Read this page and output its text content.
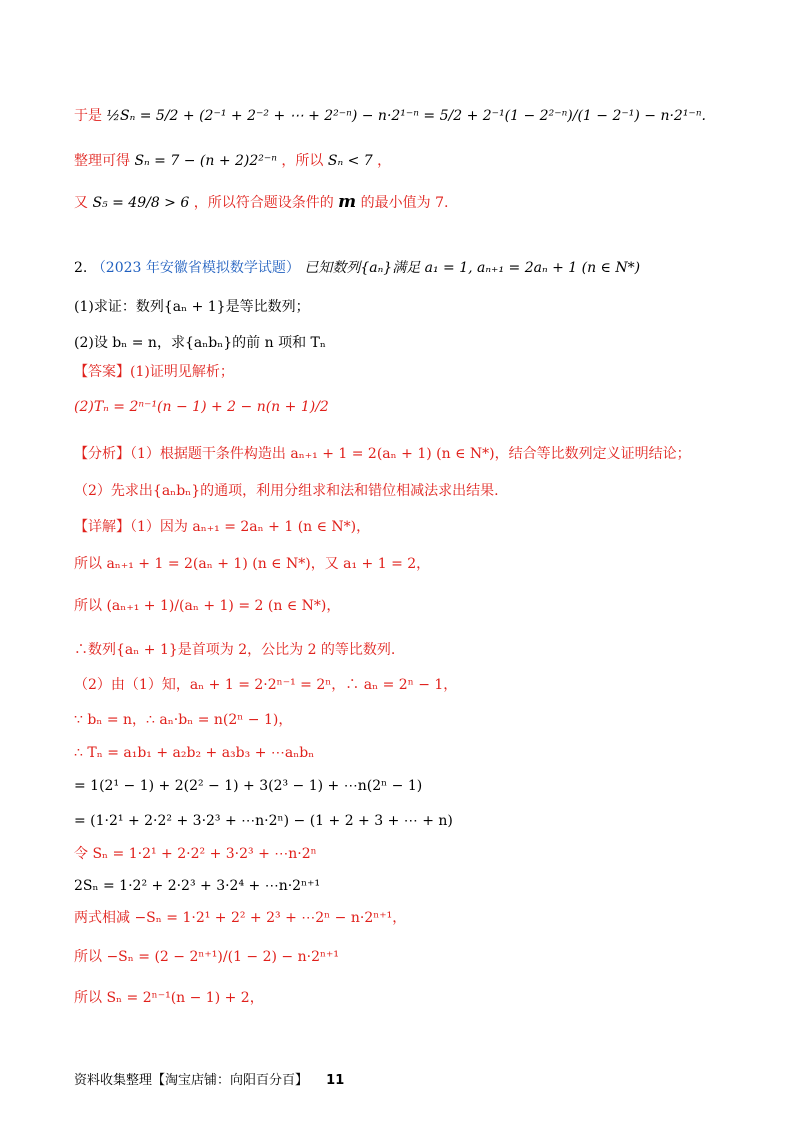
于是 ½Sₙ = 5/2 + (2⁻¹ + 2⁻² + ⋯ + 2²⁻ⁿ) − n·2¹⁻ⁿ = 5/2 + 2⁻¹(1 − 2²⁻ⁿ)/(1 − 2⁻¹) − n·2¹⁻ⁿ.
整理可得 Sₙ = 7 − (n + 2)2²⁻ⁿ ，所以 Sₙ < 7 ，
又 S₅ = 49/8 > 6 ，所以符合题设条件的 m 的最小值为 7.
2. （2023 年安徽省模拟数学试题） 已知数列{aₙ}满足 a₁ = 1, aₙ₊₁ = 2aₙ + 1 (n ∈ N*)
(1)求证：数列{aₙ + 1}是等比数列；
(2)设 bₙ = n，求{aₙbₙ}的前 n 项和 Tₙ
【答案】(1)证明见解析；
(2)Tₙ = 2ⁿ⁻¹(n − 1) + 2 − n(n + 1)/2
【分析】（1）根据题干条件构造出 aₙ₊₁ + 1 = 2(aₙ + 1) (n ∈ N*)，结合等比数列定义证明结论；
（2）先求出{aₙbₙ}的通项，利用分组求和法和错位相减法求出结果.
【详解】（1）因为 aₙ₊₁ = 2aₙ + 1 (n ∈ N*)，
所以 aₙ₊₁ + 1 = 2(aₙ + 1) (n ∈ N*)，又 a₁ + 1 = 2，
所以 (aₙ₊₁ + 1)/(aₙ + 1) = 2 (n ∈ N*)，
∴数列{aₙ + 1}是首项为 2，公比为 2 的等比数列.
（2）由（1）知，aₙ + 1 = 2·2ⁿ⁻¹ = 2ⁿ，∴ aₙ = 2ⁿ − 1，
∵ bₙ = n，∴ aₙ·bₙ = n(2ⁿ − 1)，
∴ Tₙ = a₁b₁ + a₂b₂ + a₃b₃ + ⋯aₙbₙ
= 1(2¹ − 1) + 2(2² − 1) + 3(2³ − 1) + ⋯n(2ⁿ − 1)
= (1·2¹ + 2·2² + 3·2³ + ⋯n·2ⁿ) − (1 + 2 + 3 + ⋯ + n)
令 Sₙ = 1·2¹ + 2·2² + 3·2³ + ⋯n·2ⁿ
2Sₙ = 1·2² + 2·2³ + 3·2⁴ + ⋯n·2ⁿ⁺¹
两式相减 −Sₙ = 1·2¹ + 2² + 2³ + ⋯2ⁿ − n·2ⁿ⁺¹，
所以 −Sₙ = (2 − 2ⁿ⁺¹)/(1 − 2) − n·2ⁿ⁺¹
所以 Sₙ = 2ⁿ⁻¹(n − 1) + 2，
资料收集整理【淘宝店铺：向阳百分百】 11
